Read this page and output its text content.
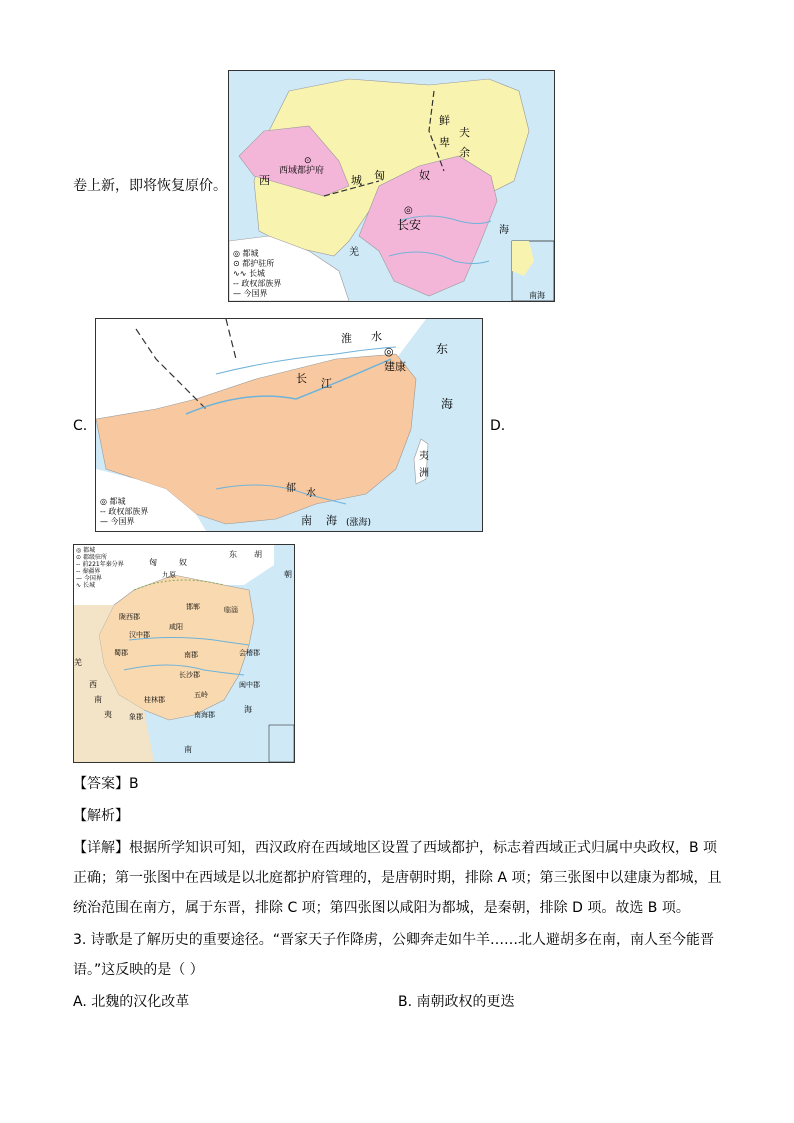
卷上新，即将恢复原价。
匈	奴
鲜
卑
夫
余
西	城
西域都护府
⊙
◎
长安	海
羌
南海
◎ 都城
⊙ 都护驻所
∿∿ 长城
-- 政权部族界
— 今国界
C.
淮 水
东
海
长 江
◎
建康
夷
洲
郁 水
南 海 (涨海)
◎ 都城
-- 政权部族界
— 今国界
D.
匈	奴
东 胡
朝
九原
邯郸	临淄
陇西郡
咸阳
汉中郡
蜀郡	南郡	会稽郡
长沙郡
羌
西
南
夷
桂林郡
象郡
五岭
南海郡
闽中郡
海
南
◎ 都城
⊙ 郡级驻所
-- 前221年秦分界
-- 秦疆界
— 今国界
∿ 长城
【答案】B
【解析】
【详解】根据所学知识可知，西汉政府在西域地区设置了西域都护，标志着西域正式归属中央政权，B 项
正确；第一张图中在西域是以北庭都护府管理的，是唐朝时期，排除 A 项；第三张图中以建康为都城，且
统治范围在南方，属于东晋，排除 C 项；第四张图以咸阳为都城，是秦朝，排除 D 项。故选 B 项。
3. 诗歌是了解历史的重要途径。“晋家天子作降虏，公卿奔走如牛羊……北人避胡多在南，南人至今能晋
语。”这反映的是（ ）
A. 北魏的汉化改革	B. 南朝政权的更迭
